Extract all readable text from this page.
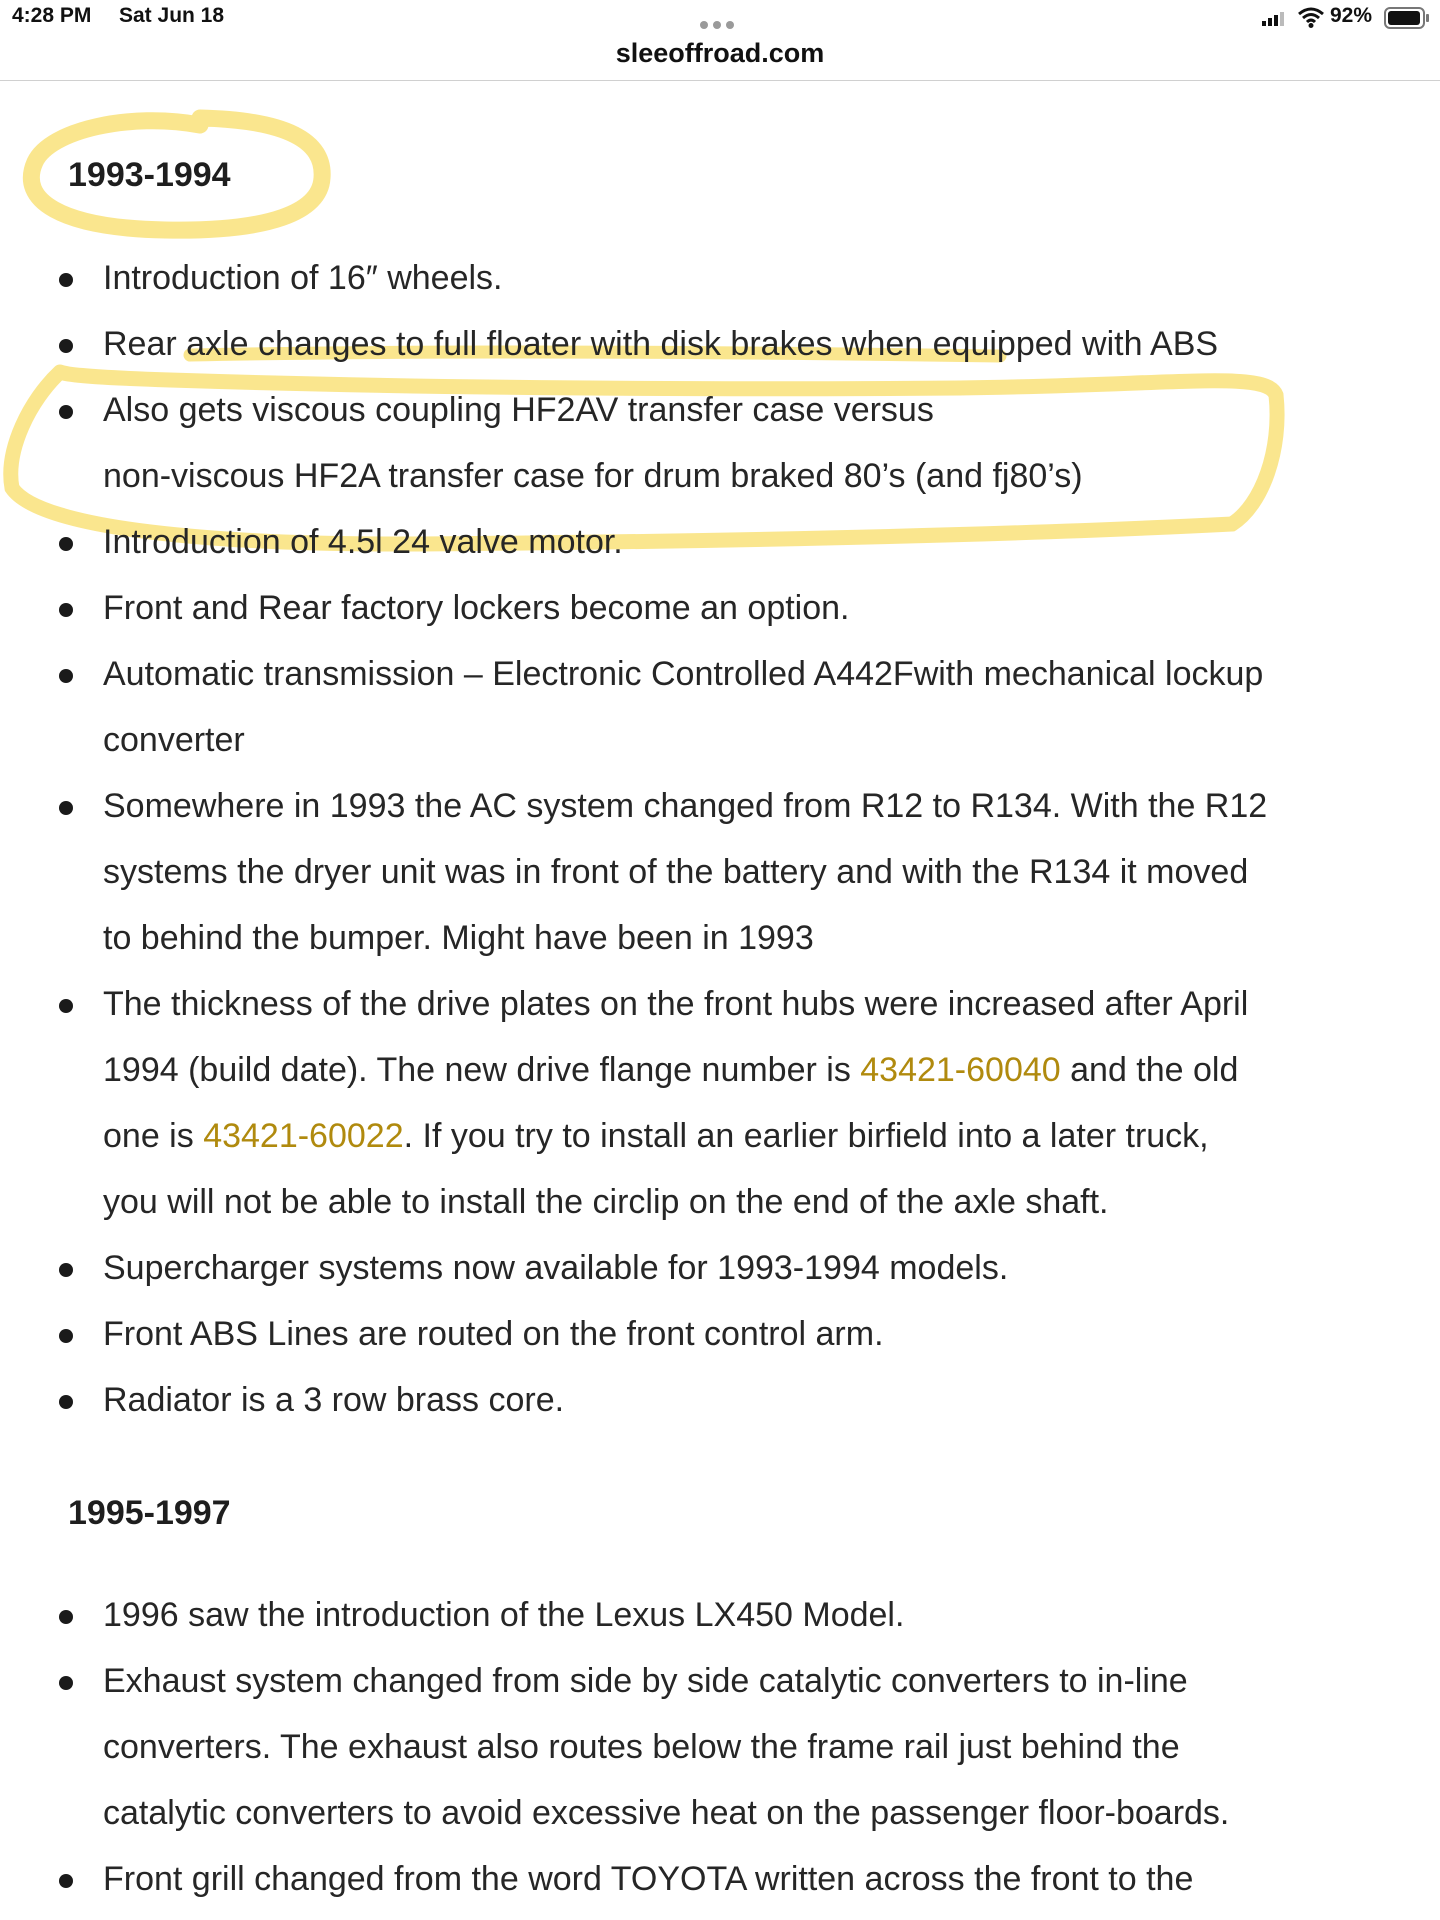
4:28 PM Sat Jun 18	92%
sleeoffroad.com
1993-1994
Introduction of 16″ wheels.
Rear axle changes to full floater with disk brakes when equipped with ABS
Also gets viscous coupling HF2AV transfer case versus
non-viscous HF2A transfer case for drum braked 80’s (and fj80’s)
Introduction of 4.5l 24 valve motor.
Front and Rear factory lockers become an option.
Automatic transmission – Electronic Controlled A442Fwith mechanical lockup
converter
Somewhere in 1993 the AC system changed from R12 to R134. With the R12
systems the dryer unit was in front of the battery and with the R134 it moved
to behind the bumper. Might have been in 1993
The thickness of the drive plates on the front hubs were increased after April
1994 (build date). The new drive flange number is 43421-60040 and the old
one is 43421-60022. If you try to install an earlier birfield into a later truck,
you will not be able to install the circlip on the end of the axle shaft.
Supercharger systems now available for 1993-1994 models.
Front ABS Lines are routed on the front control arm.
Radiator is a 3 row brass core.
1995-1997
1996 saw the introduction of the Lexus LX450 Model.
Exhaust system changed from side by side catalytic converters to in-line
converters. The exhaust also routes below the frame rail just behind the
catalytic converters to avoid excessive heat on the passenger floor-boards.
Front grill changed from the word TOYOTA written across the front to the
